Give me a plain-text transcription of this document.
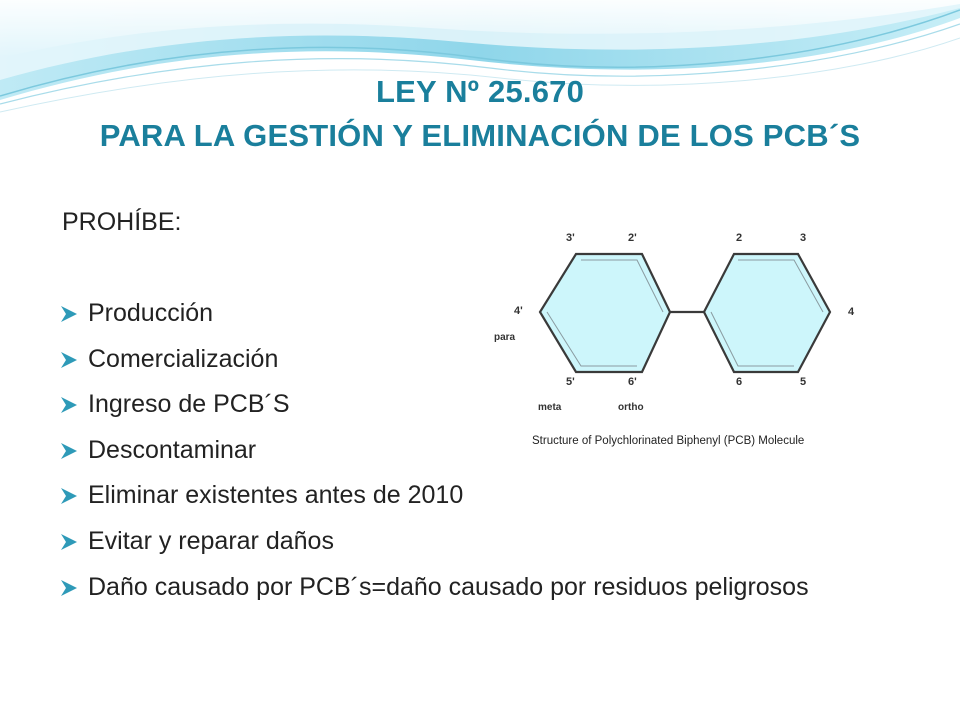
LEY Nº 25.670
PARA LA GESTIÓN Y ELIMINACIÓN DE LOS PCB´S
PROHÍBE:
Producción
Comercialización
Ingreso de PCB´S
Descontaminar
Eliminar existentes antes de 2010
Evitar y reparar daños
Daño causado por PCB´s=daño causado por residuos peligrosos
3'	2'	2	3
4'	4
para
5'	6'	6	5
meta	ortho
Structure of Polychlorinated Biphenyl (PCB) Molecule
